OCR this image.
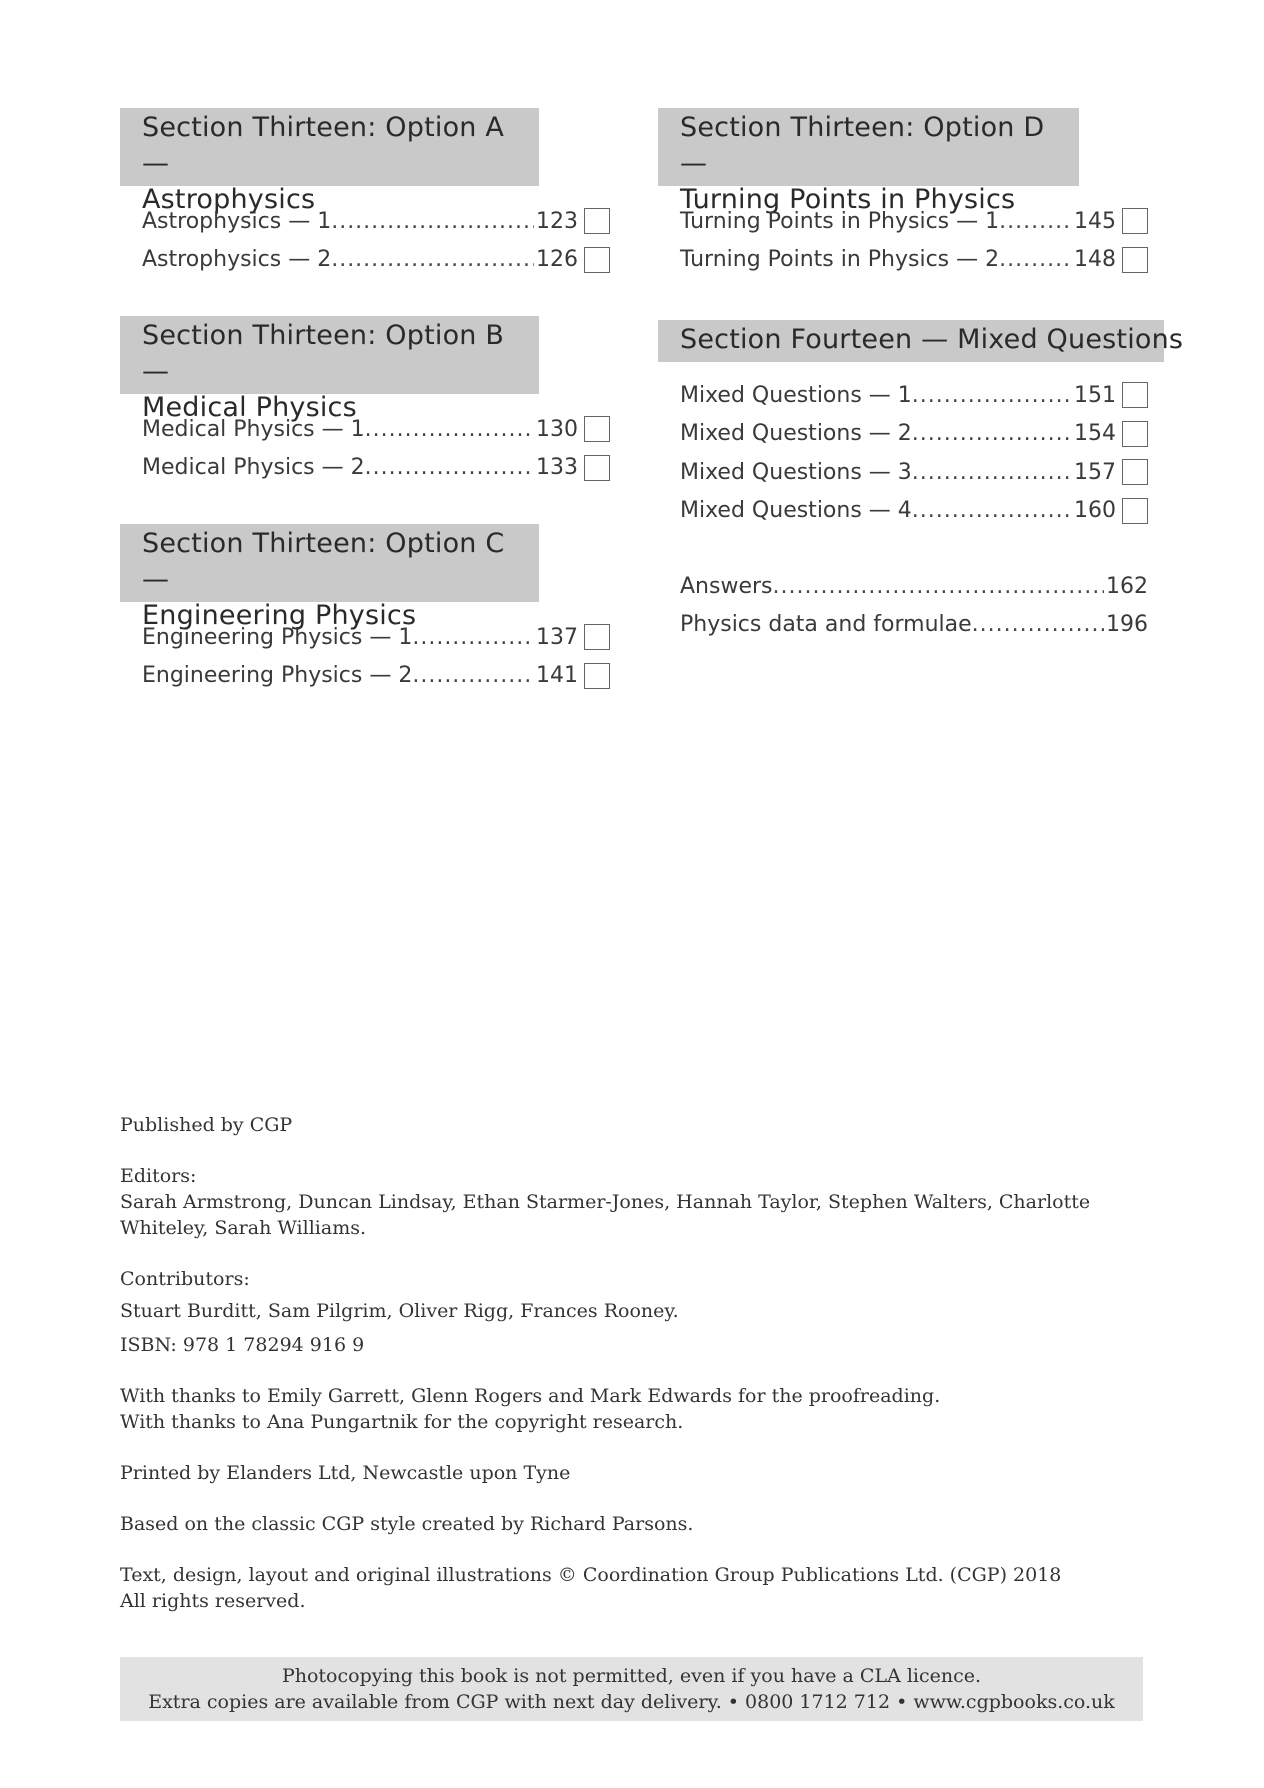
Section Thirteen: Option A —
Astrophysics
Astrophysics — 1 .....	123
Astrophysics — 2 .....	126
Section Thirteen: Option B —
Medical Physics
Medical Physics — 1 .....	130
Medical Physics — 2 .....	133
Section Thirteen: Option C —
Engineering Physics
Engineering Physics — 1 .....	137
Engineering Physics — 2 .....	141
Section Thirteen: Option D —
Turning Points in Physics
Turning Points in Physics — 1 .....	145
Turning Points in Physics — 2 .....	148
Section Fourteen — Mixed Questions
Mixed Questions — 1 .....	151
Mixed Questions — 2 .....	154
Mixed Questions — 3 .....	157
Mixed Questions — 4 .....	160
Answers .....	162
Physics data and formulae .....	196

Published by CGP

Editors:
Sarah Armstrong, Duncan Lindsay, Ethan Starmer-Jones, Hannah Taylor, Stephen Walters, Charlotte Whiteley, Sarah Williams.

Contributors:

Stuart Burditt, Sam Pilgrim, Oliver Rigg, Frances Rooney.

ISBN: 978 1 78294 916 9

With thanks to Emily Garrett, Glenn Rogers and Mark Edwards for the proofreading.
With thanks to Ana Pungartnik for the copyright research.

Printed by Elanders Ltd, Newcastle upon Tyne

Based on the classic CGP style created by Richard Parsons.

Text, design, layout and original illustrations © Coordination Group Publications Ltd. (CGP) 2018
All rights reserved.

Photocopying this book is not permitted, even if you have a CLA licence.
Extra copies are available from CGP with next day delivery. • 0800 1712 712 • www.cgpbooks.co.uk
